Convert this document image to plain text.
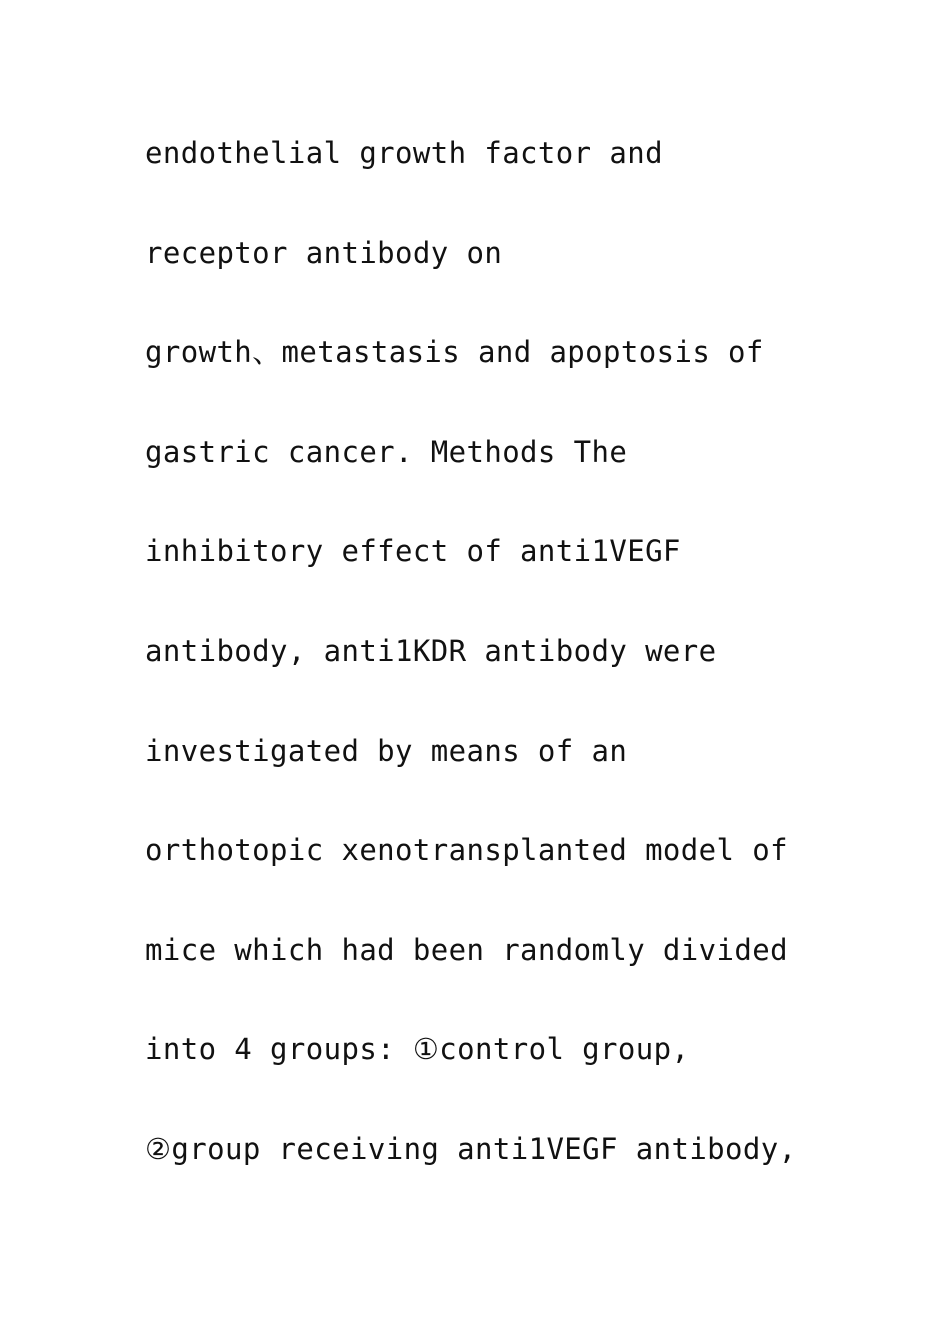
endothelial growth factor and
receptor antibody on
growth、metastasis and apoptosis of
gastric cancer. Methods The
inhibitory effect of anti1VEGF
antibody, anti1KDR antibody were
investigated by means of an
orthotopic xenotransplanted model of
mice which had been randomly divided
into 4 groups: ①control group,
②group receiving anti1VEGF antibody,
